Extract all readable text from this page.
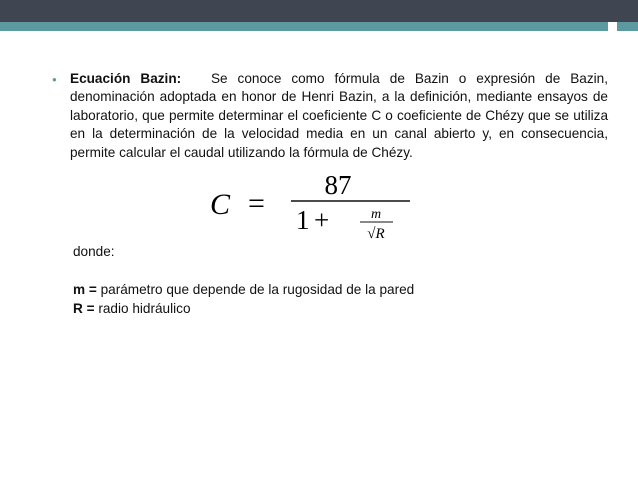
● Ecuación Bazin: Se conoce como fórmula de Bazin o expresión de Bazin, denominación adoptada en honor de Henri Bazin, a la definición, mediante ensayos de laboratorio, que permite determinar el coeficiente C o coeficiente de Chézy que se utiliza en la determinación de la velocidad media en un canal abierto y, en consecuencia, permite calcular el caudal utilizando la fórmula de Chézy.
C =
87
1 +	m
√R
donde:
m = parámetro que depende de la rugosidad de la pared
R = radio hidráulico
